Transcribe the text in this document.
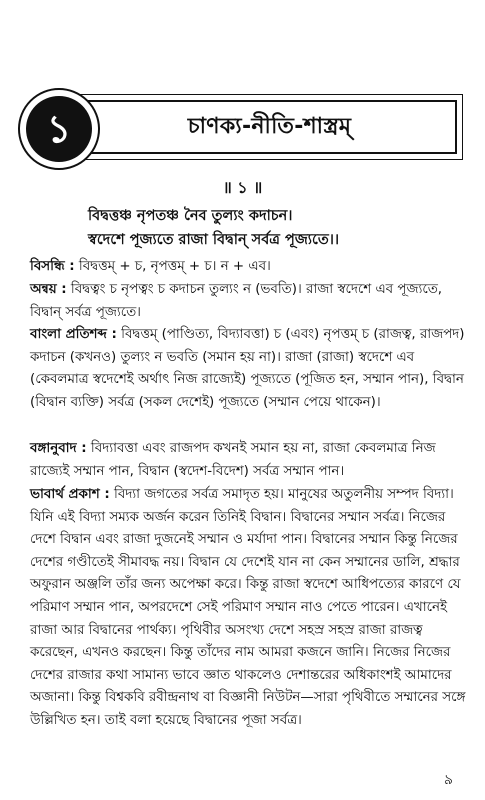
চাণক্য-নীতি-শাস্ত্রম্
১
॥ ১ ॥
বিদ্বত্তঞ্চ নৃপতঞ্চ নৈব তুল্যং কদাচন।
স্বদেশে পূজ্যতে রাজা বিদ্বান্ সর্বত্র পূজ্যতে।।
বিসন্ধি : বিদ্বত্তম্ + চ, নৃপত্তম্ + চ। ন + এব।
অন্বয় : বিদ্বত্বং চ নৃপত্বং চ কদাচন তুল্যং ন (ভবতি)। রাজা স্বদেশে এব পূজ্যতে, বিদ্বান্ সর্বত্র পূজ্যতে।
বাংলা প্রতিশব্দ : বিদ্বত্তম্ (পাণ্ডিত্য, বিদ্যাবত্তা) চ (এবং) নৃপত্তম্ চ (রাজত্ব, রাজপদ) কদাচন (কখনও) তুল্যং ন ভবতি (সমান হয় না)। রাজা (রাজা) স্বদেশে এব (কেবলমাত্র স্বদেশেই অর্থাৎ নিজ রাজ্যেই) পূজ্যতে (পূজিত হন, সম্মান পান), বিদ্বান (বিদ্বান ব্যক্তি) সর্বত্র (সকল দেশেই) পূজ্যতে (সম্মান পেয়ে থাকেন)।
বঙ্গানুবাদ : বিদ্যাবত্তা এবং রাজপদ কখনই সমান হয় না, রাজা কেবলমাত্র নিজ রাজ্যেই সম্মান পান, বিদ্বান (স্বদেশ-বিদেশ) সর্বত্র সম্মান পান।
ভাবার্থ প্রকাশ : বিদ্যা জগতের সর্বত্র সমাদৃত হয়। মানুষের অতুলনীয় সম্পদ বিদ্যা। যিনি এই বিদ্যা সম্যক অর্জন করেন তিনিই বিদ্বান। বিদ্বানের সম্মান সর্বত্র। নিজের দেশে বিদ্বান এবং রাজা দুজনেই সম্মান ও মর্যাদা পান। বিদ্বানের সম্মান কিন্তু নিজের দেশের গণ্ডীতেই সীমাবদ্ধ নয়। বিদ্বান যে দেশেই যান না কেন সম্মানের ডালি, শ্রদ্ধার অফুরান অঞ্জলি তাঁর জন্য অপেক্ষা করে। কিন্তু রাজা স্বদেশে আধিপত্যের কারণে যে পরিমাণ সম্মান পান, অপরদেশে সেই পরিমাণ সম্মান নাও পেতে পারেন। এখানেই রাজা আর বিদ্বানের পার্থক্য। পৃথিবীর অসংখ্য দেশে সহস্র সহস্র রাজা রাজত্ব করেছেন, এখনও করছেন। কিন্তু তাঁদের নাম আমরা কজনে জানি। নিজের নিজের দেশের রাজার কথা সামান্য ভাবে জ্ঞাত থাকলেও দেশান্তরের অধিকাংশই আমাদের অজানা। কিন্তু বিশ্বকবি রবীন্দ্রনাথ বা বিজ্ঞানী নিউটন—সারা পৃথিবীতে সম্মানের সঙ্গে উল্লিখিত হন। তাই বলা হয়েছে বিদ্বানের পূজা সর্বত্র।
৯
